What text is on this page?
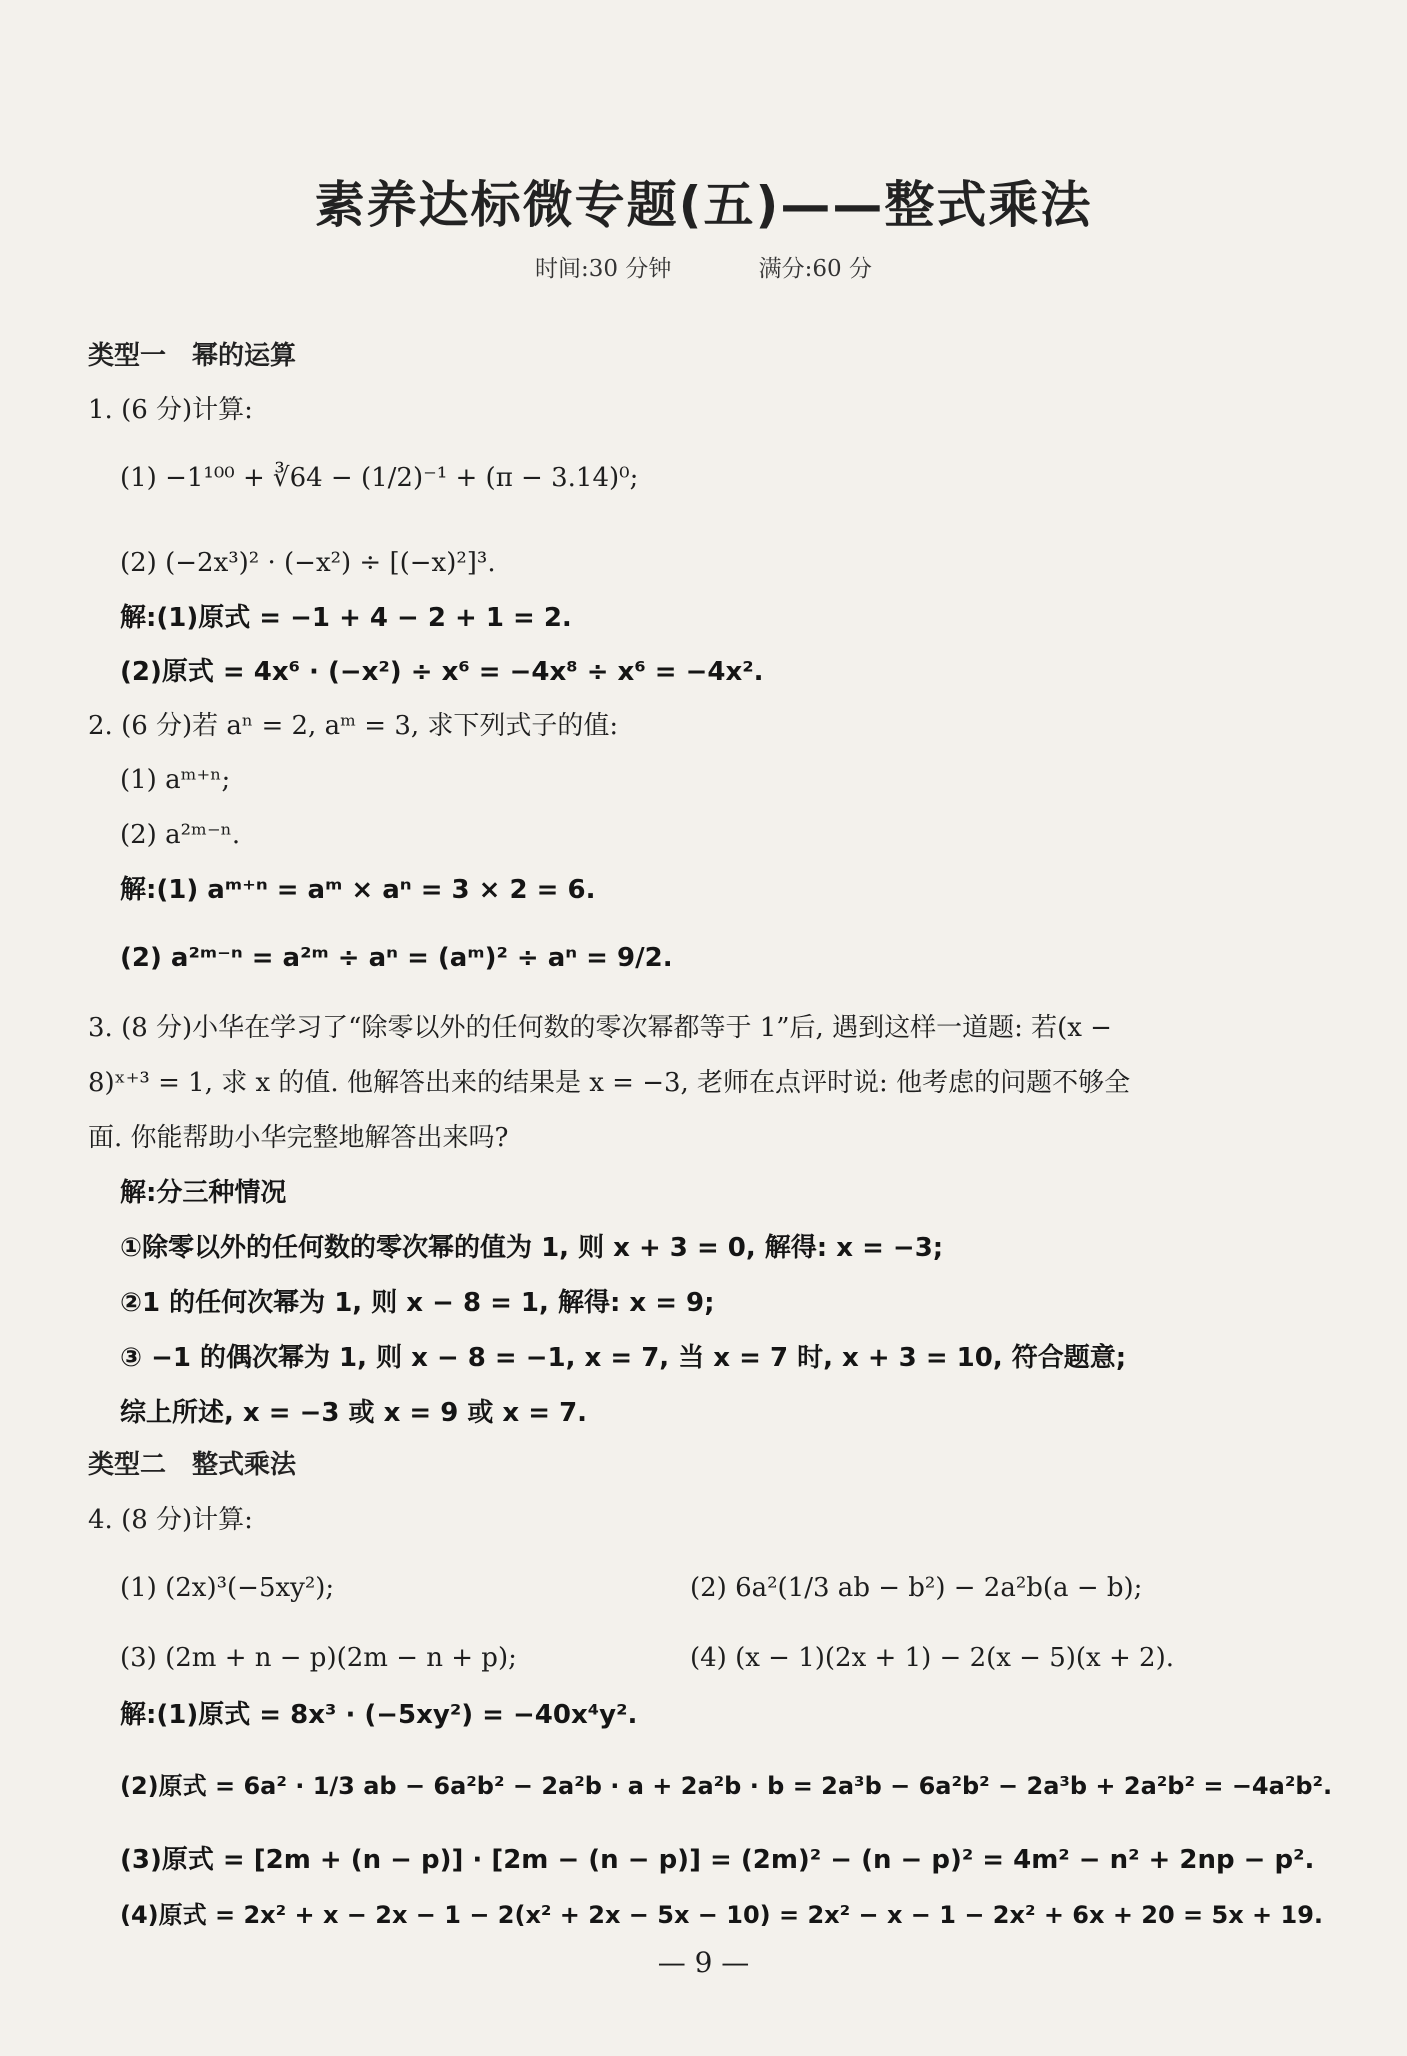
素养达标微专题(五)——整式乘法
时间:30 分钟	满分:60 分
类型一　幂的运算
1. (6 分)计算:
(1) −1¹⁰⁰ + ∛64 − (1/2)⁻¹ + (π − 3.14)⁰;
(2) (−2x³)² · (−x²) ÷ [(−x)²]³.
解:(1)原式 = −1 + 4 − 2 + 1 = 2.
(2)原式 = 4x⁶ · (−x²) ÷ x⁶ = −4x⁸ ÷ x⁶ = −4x².
2. (6 分)若 aⁿ = 2, aᵐ = 3, 求下列式子的值:
(1) aᵐ⁺ⁿ;
(2) a²ᵐ⁻ⁿ.
解:(1) aᵐ⁺ⁿ = aᵐ × aⁿ = 3 × 2 = 6.
(2) a²ᵐ⁻ⁿ = a²ᵐ ÷ aⁿ = (aᵐ)² ÷ aⁿ = 9/2.
3. (8 分)小华在学习了“除零以外的任何数的零次幂都等于 1”后, 遇到这样一道题: 若(x −
8)ˣ⁺³ = 1, 求 x 的值. 他解答出来的结果是 x = −3, 老师在点评时说: 他考虑的问题不够全
面. 你能帮助小华完整地解答出来吗?
解:分三种情况
①除零以外的任何数的零次幂的值为 1, 则 x + 3 = 0, 解得: x = −3;
②1 的任何次幂为 1, 则 x − 8 = 1, 解得: x = 9;
③ −1 的偶次幂为 1, 则 x − 8 = −1, x = 7, 当 x = 7 时, x + 3 = 10, 符合题意;
综上所述, x = −3 或 x = 9 或 x = 7.
类型二　整式乘法
4. (8 分)计算:
(1) (2x)³(−5xy²);	(2) 6a²(1/3 ab − b²) − 2a²b(a − b);
(3) (2m + n − p)(2m − n + p);	(4) (x − 1)(2x + 1) − 2(x − 5)(x + 2).
解:(1)原式 = 8x³ · (−5xy²) = −40x⁴y².
(2)原式 = 6a² · 1/3 ab − 6a²b² − 2a²b · a + 2a²b · b = 2a³b − 6a²b² − 2a³b + 2a²b² = −4a²b².
(3)原式 = [2m + (n − p)] · [2m − (n − p)] = (2m)² − (n − p)² = 4m² − n² + 2np − p².
(4)原式 = 2x² + x − 2x − 1 − 2(x² + 2x − 5x − 10) = 2x² − x − 1 − 2x² + 6x + 20 = 5x + 19.
— 9 —
